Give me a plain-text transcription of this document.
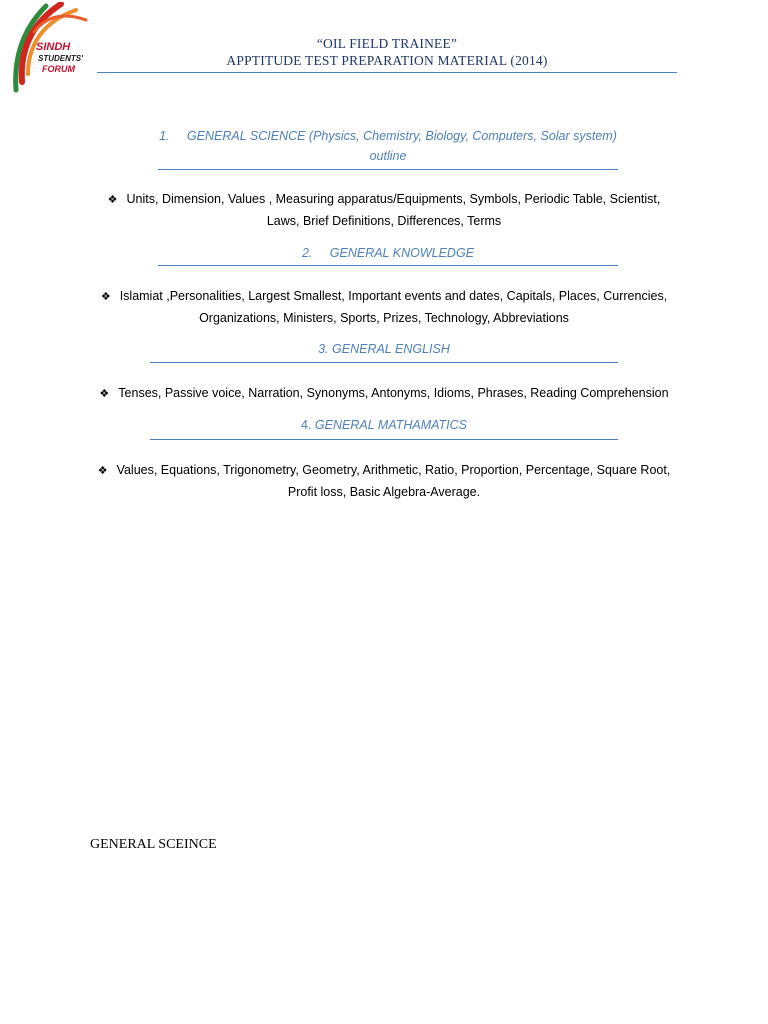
SINDH
STUDENTS'
FORUM
“OIL FIELD TRAINEE”
APPTITUDE TEST PREPARATION MATERIAL (2014)
1. GENERAL SCIENCE (Physics, Chemistry, Biology, Computers, Solar system)
outline
❖ Units, Dimension, Values , Measuring apparatus/Equipments, Symbols, Periodic Table, Scientist,
Laws, Brief Definitions, Differences, Terms
2. GENERAL KNOWLEDGE
❖ Islamiat ,Personalities, Largest Smallest, Important events and dates, Capitals, Places, Currencies,
Organizations, Ministers, Sports, Prizes, Technology, Abbreviations
3. GENERAL ENGLISH
❖ Tenses, Passive voice, Narration, Synonyms, Antonyms, Idioms, Phrases, Reading Comprehension
4. GENERAL MATHAMATICS
❖ Values, Equations, Trigonometry, Geometry, Arithmetic, Ratio, Proportion, Percentage, Square Root,
Profit loss, Basic Algebra-Average.
GENERAL SCEINCE
